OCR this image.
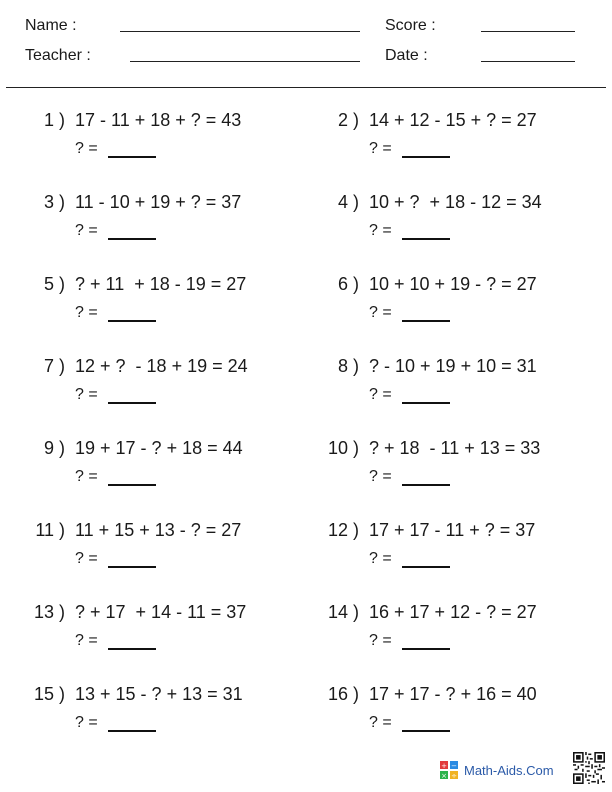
Name :	Score :
Teacher :	Date :
1 ) 17 - 11 + 18 + ? = 43
? =
2 ) 14 + 12 - 15 + ? = 27
? =
3 ) 11 - 10 + 19 + ? = 37
? =
4 ) 10 + ?  + 18 - 12 = 34
? =
5 ) ? + 11  + 18 - 19 = 27
? =
6 ) 10 + 10 + 19 - ? = 27
? =
7 ) 12 + ?  - 18 + 19 = 24
? =
8 ) ? - 10 + 19 + 10 = 31
? =
9 ) 19 + 17 - ? + 18 = 44
? =
10 ) ? + 18  - 11 + 13 = 33
? =
11 ) 11 + 15 + 13 - ? = 27
? =
12 ) 17 + 17 - 11 + ? = 37
? =
13 ) ? + 17  + 14 - 11 = 37
? =
14 ) 16 + 17 + 12 - ? = 27
? =
15 ) 13 + 15 - ? + 13 = 31
? =
16 ) 17 + 17 - ? + 16 = 40
? =
+ −
× ÷ Math-Aids.Com
